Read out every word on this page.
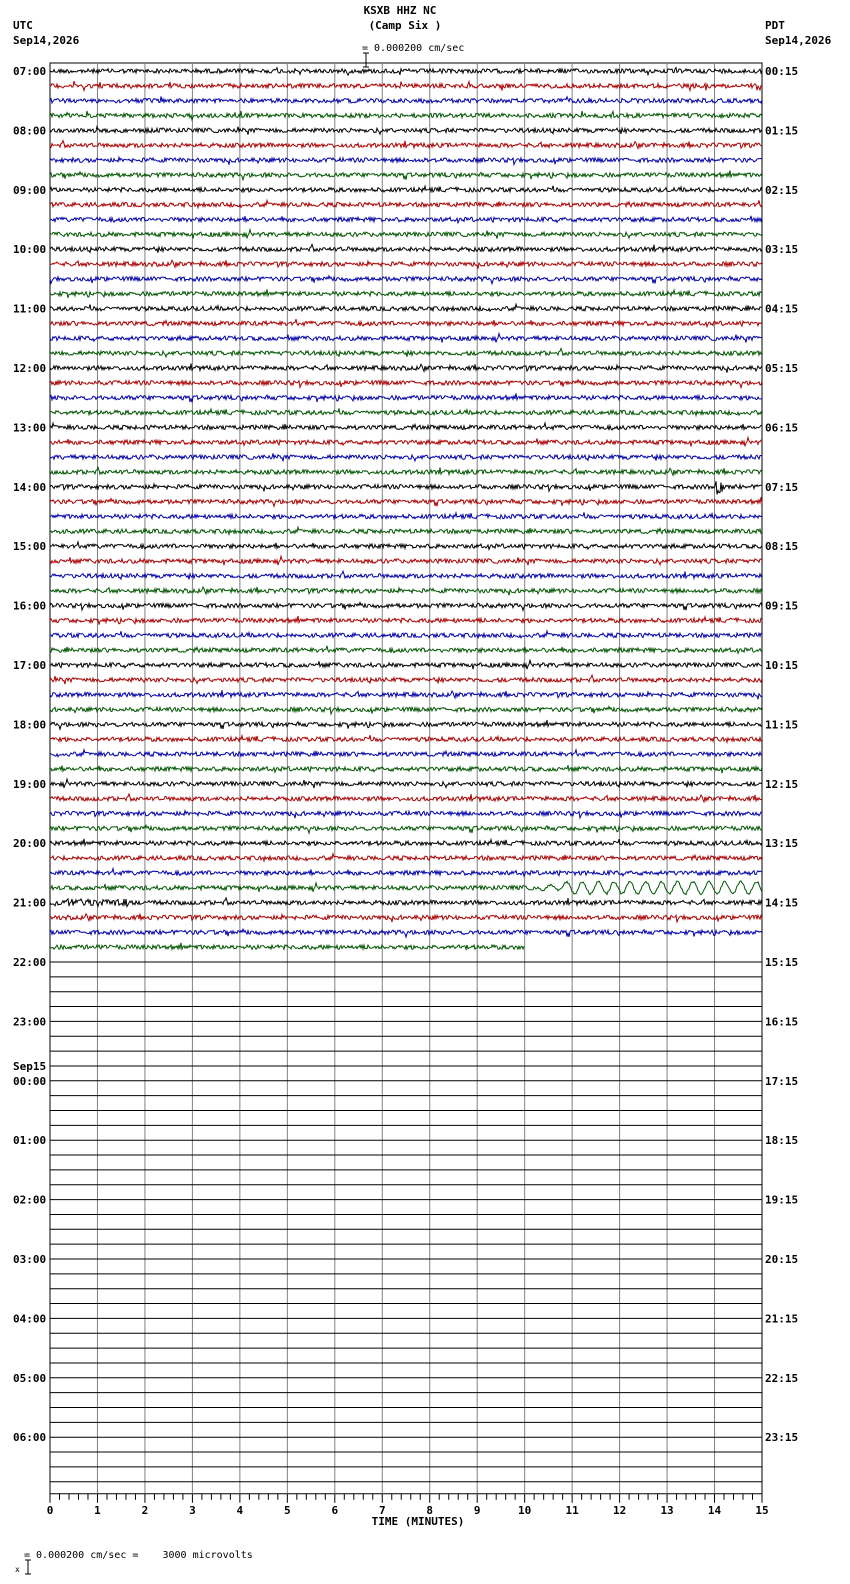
KSXB HHZ NC
(Camp Six )

= 0.000200 cm/sec
UTC
Sep14,2026
PDT
Sep14,2026

x

= 0.000200 cm/sec =    3000 microvolts
07:00	00:15
08:00	01:15
09:00	02:15
10:00	03:15
11:00	04:15
12:00	05:15
13:00	06:15
14:00	07:15
15:00	08:15
16:00	09:15
17:00	10:15
18:00	11:15
19:00	12:15
20:00	13:15
21:00	14:15
22:00	15:15
23:00	16:15
00:00	17:15
01:00	18:15
02:00	19:15
03:00	20:15
04:00	21:15
05:00	22:15
06:00	23:15
Sep15
0	1	2	3	4	5	6	7	8	9	10	11	12	13	14	15
TIME (MINUTES)
